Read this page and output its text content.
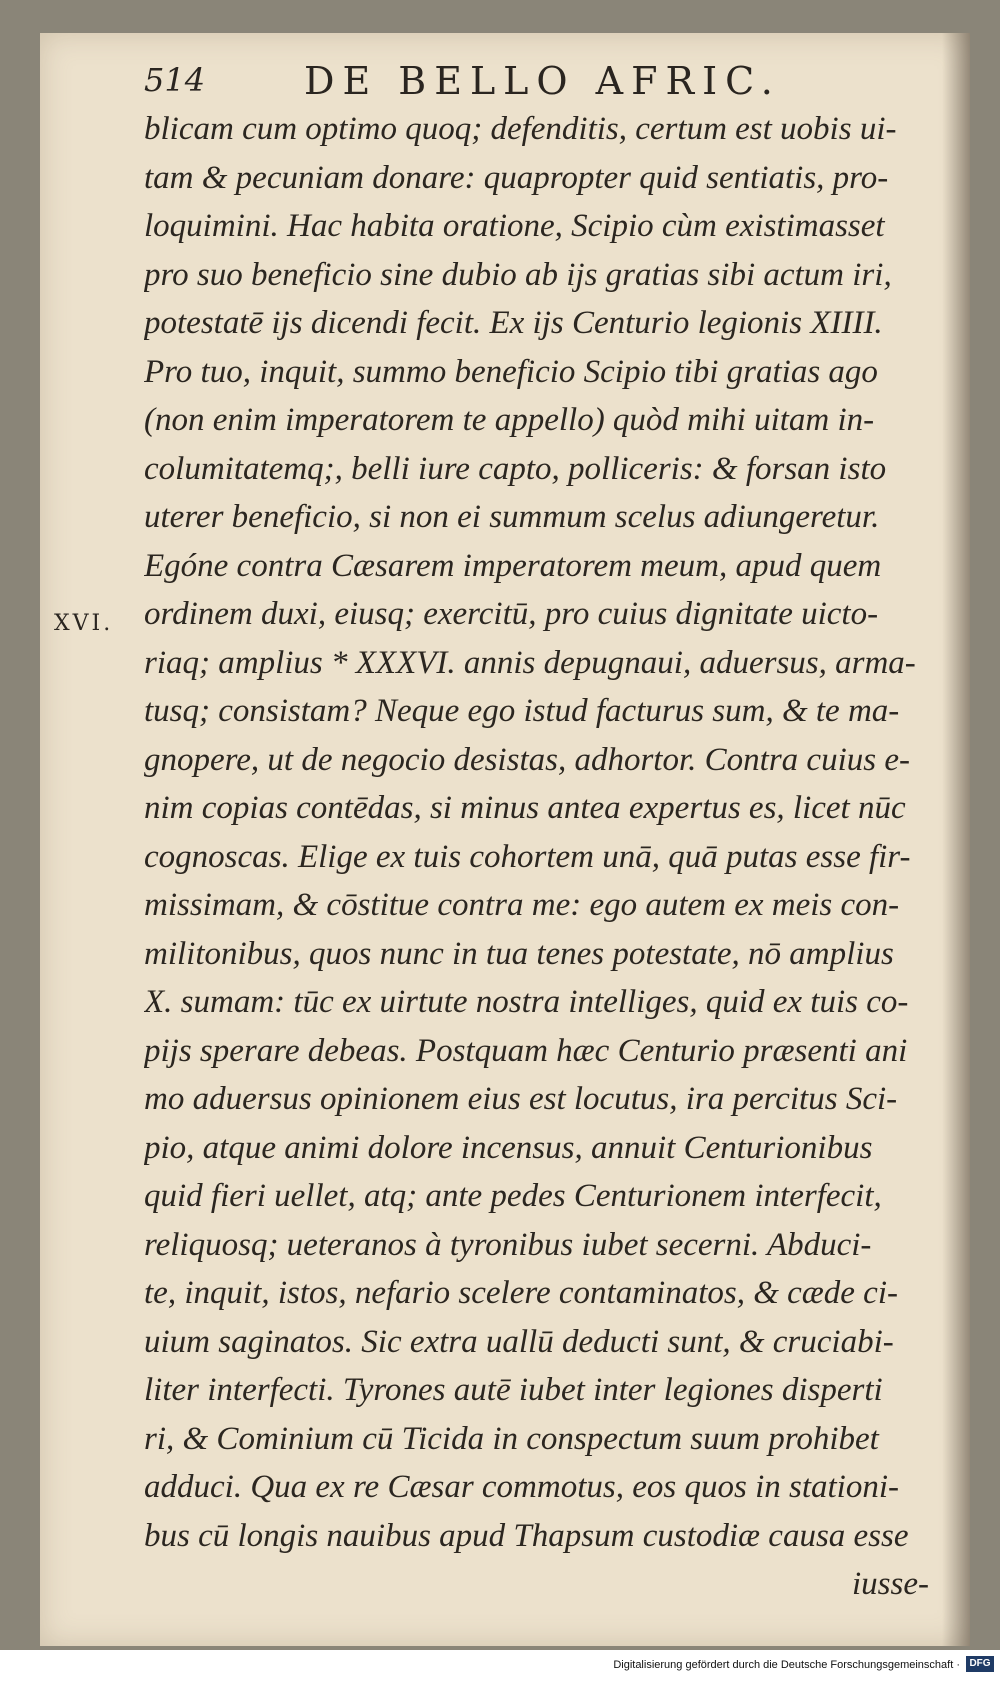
514	DE BELLO AFRIC.
XVI.
blicam cum optimo quoq; defenditis, certum est uobis ui-
tam & pecuniam donare: quapropter quid sentiatis, pro-
loquimini. Hac habita oratione, Scipio cùm existimasset
pro suo beneficio sine dubio ab ijs gratias sibi actum iri,
potestatē ijs dicendi fecit. Ex ijs Centurio legionis XIIII.
Pro tuo, inquit, summo beneficio Scipio tibi gratias ago
(non enim imperatorem te appello) quòd mihi uitam in-
columitatemq;, belli iure capto, polliceris: & forsan isto
uterer beneficio, si non ei summum scelus adiungeretur.
Egóne contra Cæsarem imperatorem meum, apud quem
ordinem duxi, eiusq; exercitū, pro cuius dignitate uicto-
riaq; amplius * XXXVI. annis depugnaui, aduersus, arma-
tusq; consistam? Neque ego istud facturus sum, & te ma-
gnopere, ut de negocio desistas, adhortor. Contra cuius e-
nim copias contēdas, si minus antea expertus es, licet nūc
cognoscas. Elige ex tuis cohortem unā, quā putas esse fir-
missimam, & cōstitue contra me: ego autem ex meis con-
militonibus, quos nunc in tua tenes potestate, nō amplius
X. sumam: tūc ex uirtute nostra intelliges, quid ex tuis co-
pijs sperare debeas. Postquam hæc Centurio præsenti ani
mo aduersus opinionem eius est locutus, ira percitus Sci-
pio, atque animi dolore incensus, annuit Centurionibus
quid fieri uellet, atq; ante pedes Centurionem interfecit,
reliquosq; ueteranos à tyronibus iubet secerni. Abduci-
te, inquit, istos, nefario scelere contaminatos, & cæde ci-
uium saginatos. Sic extra uallū deducti sunt, & cruciabi-
liter interfecti. Tyrones autē iubet inter legiones disperti
ri, & Cominium cū Ticida in conspectum suum prohibet
adduci. Qua ex re Cæsar commotus, eos quos in stationi-
bus cū longis nauibus apud Thapsum custodiæ causa esse
iusse-
Digitalisierung gefördert durch die Deutsche Forschungsgemeinschaft · DFG
